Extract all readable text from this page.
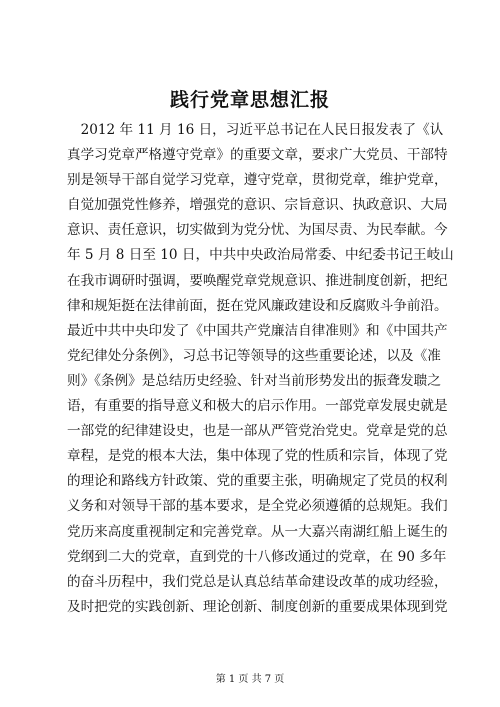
践行党章思想汇报
　2012 年 11 月 16 日，习近平总书记在人民日报发表了《认
真学习党章严格遵守党章》的重要文章，要求广大党员、干部特
别是领导干部自觉学习党章，遵守党章，贯彻党章，维护党章，
自觉加强党性修养，增强党的意识、宗旨意识、执政意识、大局
意识、责任意识，切实做到为党分忧、为国尽责、为民奉献。今
年 5 月 8 日至 10 日，中共中央政治局常委、中纪委书记王岐山
在我市调研时强调，要唤醒党章党规意识、推进制度创新，把纪
律和规矩挺在法律前面，挺在党风廉政建设和反腐败斗争前沿。
最近中共中央印发了《中国共产党廉洁自律准则》和《中国共产
党纪律处分条例》，习总书记等领导的这些重要论述，以及《准
则》《条例》是总结历史经验、针对当前形势发出的振聋发聩之
语，有重要的指导意义和极大的启示作用。一部党章发展史就是
一部党的纪律建设史，也是一部从严管党治党史。党章是党的总
章程，是党的根本大法，集中体现了党的性质和宗旨，体现了党
的理论和路线方针政策、党的重要主张，明确规定了党员的权利
义务和对领导干部的基本要求，是全党必须遵循的总规矩。我们
党历来高度重视制定和完善党章。从一大嘉兴南湖红船上诞生的
党纲到二大的党章，直到党的十八修改通过的党章，在 90 多年
的奋斗历程中，我们党总是认真总结革命建设改革的成功经验，
及时把党的实践创新、理论创新、制度创新的重要成果体现到党
第 1 页 共 7 页
